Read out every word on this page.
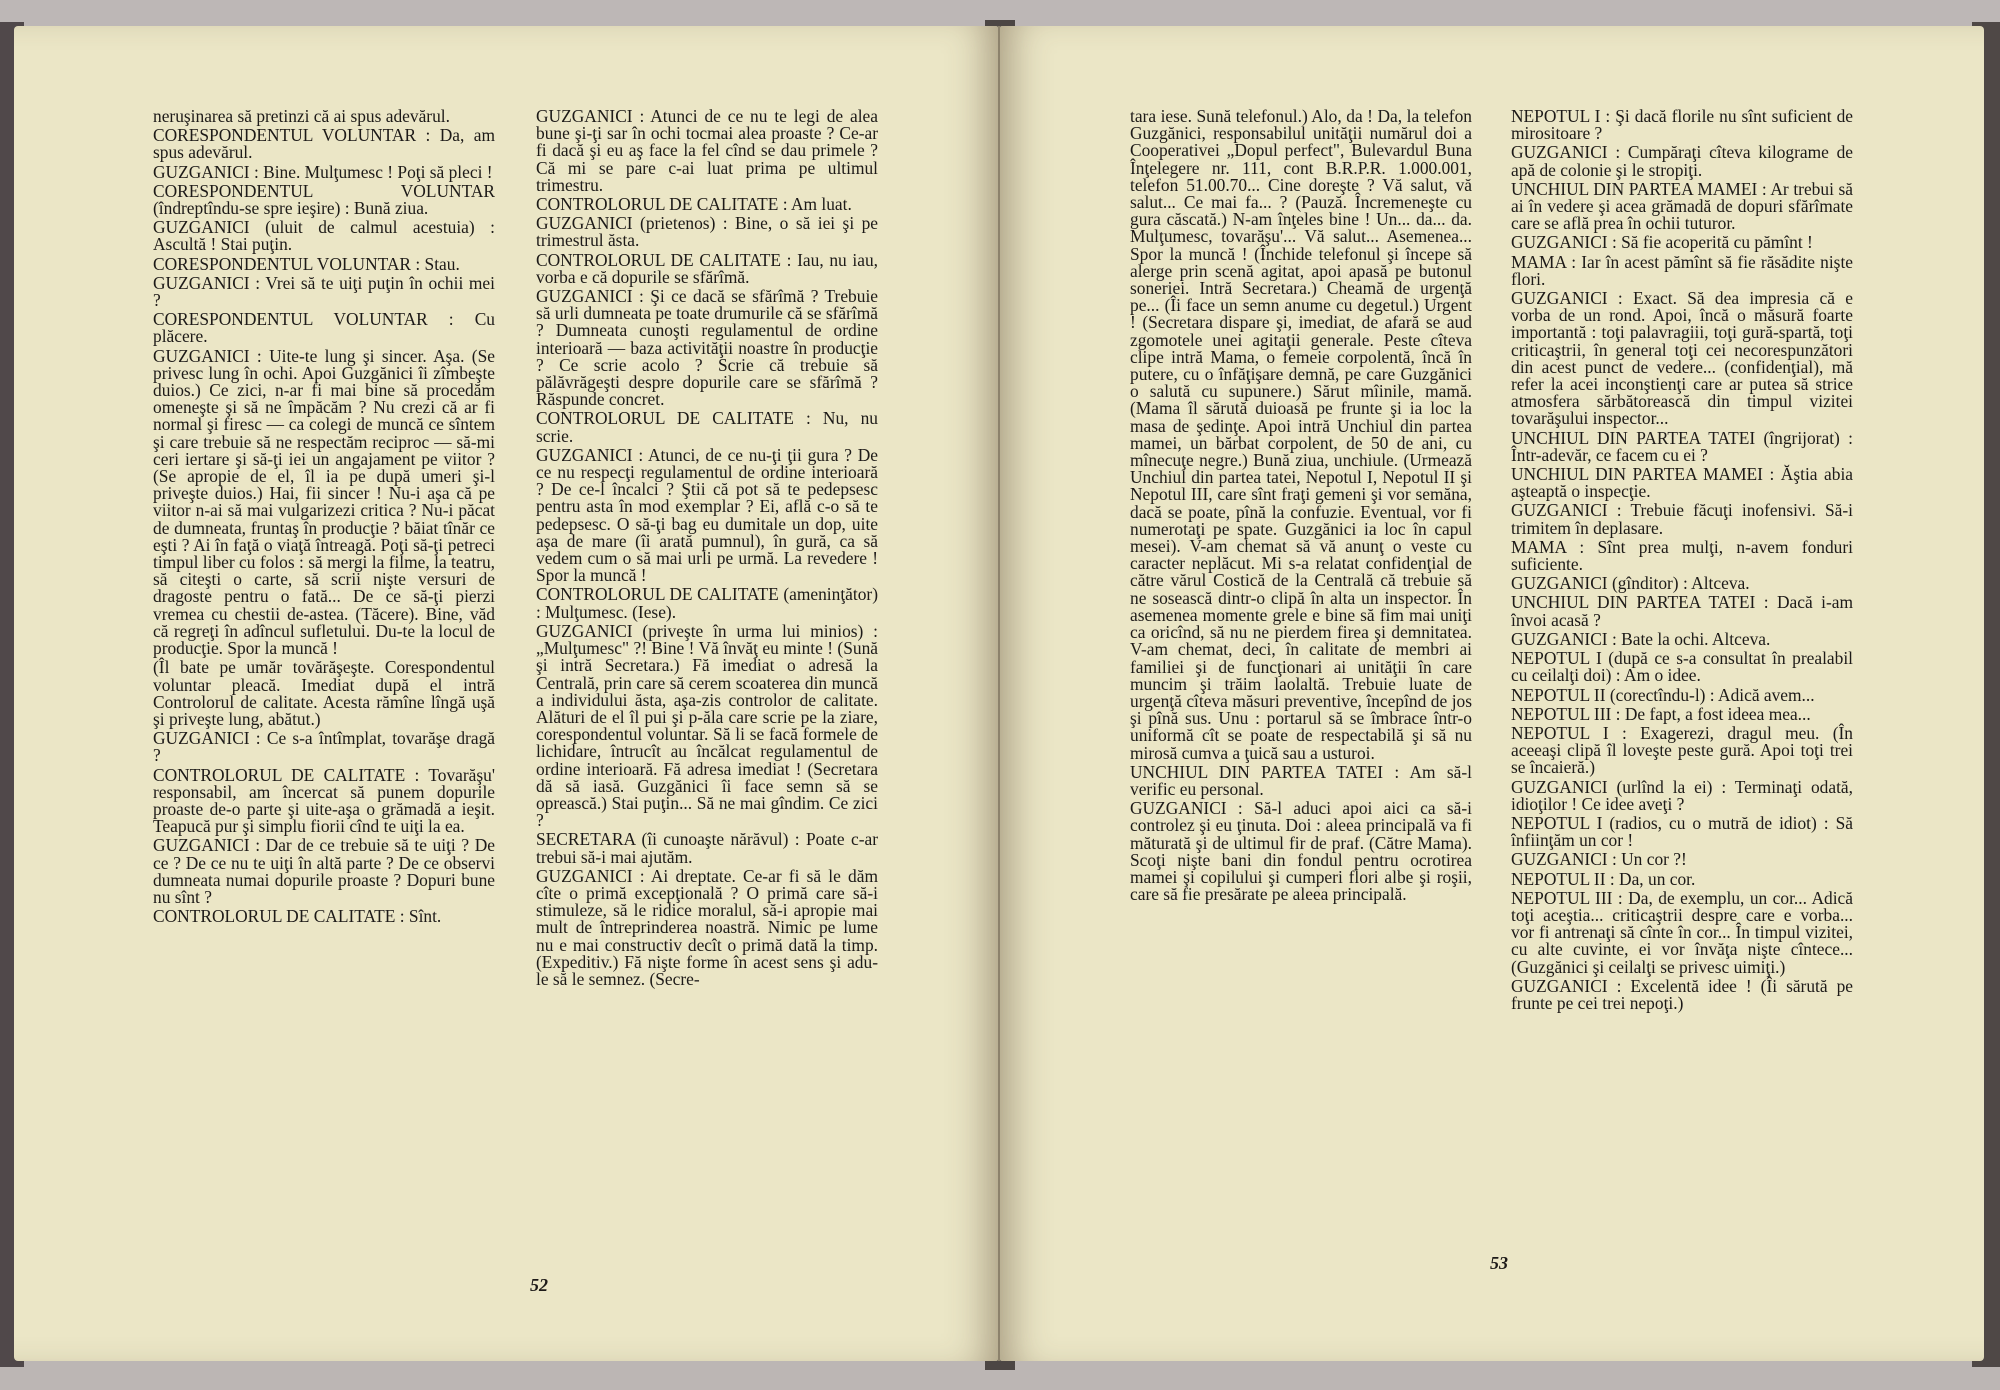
neruşinarea să pretinzi că ai spus adevărul.

CORESPONDENTUL VOLUNTAR : Da, am spus adevărul.

GUZGANICI : Bine. Mulţumesc ! Poţi să pleci !

CORESPONDENTUL VOLUNTAR (îndreptîndu-se spre ieşire) : Bună ziua.

GUZGANICI (uluit de calmul acestuia) : Ascultă ! Stai puţin.

CORESPONDENTUL VOLUNTAR : Stau.

GUZGANICI : Vrei să te uiţi puţin în ochii mei ?

CORESPONDENTUL VOLUNTAR : Cu plăcere.

GUZGANICI : Uite-te lung şi sincer. Aşa. (Se privesc lung în ochi. Apoi Guzgănici îi zîmbeşte duios.) Ce zici, n-ar fi mai bine să procedăm omeneşte şi să ne împăcăm ? Nu crezi că ar fi normal şi firesc — ca colegi de muncă ce sîntem şi care trebuie să ne respectăm reciproc — să-mi ceri iertare şi să-ţi iei un angajament pe viitor ? (Se apropie de el, îl ia pe după umeri şi-l priveşte duios.) Hai, fii sincer ! Nu-i aşa că pe viitor n-ai să mai vulgarizezi critica ? Nu-i păcat de dumneata, fruntaş în producţie ? băiat tînăr ce eşti ? Ai în faţă o viaţă întreagă. Poţi să-ţi petreci timpul liber cu folos : să mergi la filme, la teatru, să citeşti o carte, să scrii nişte versuri de dragoste pentru o fată... De ce să-ţi pierzi vremea cu chestii de-astea. (Tăcere). Bine, văd că regreţi în adîncul sufletului. Du-te la locul de producţie. Spor la muncă !

(Îl bate pe umăr tovărăşeşte. Corespondentul voluntar pleacă. Imediat după el intră Controlorul de calitate. Acesta rămîne lîngă uşă şi priveşte lung, abătut.)

GUZGANICI : Ce s-a întîmplat, tovarăşe dragă ?

CONTROLORUL DE CALITATE : Tovarăşu' responsabil, am încercat să punem dopurile proaste de-o parte şi uite-aşa o grămadă a ieşit. Teapucă pur şi simplu fiorii cînd te uiţi la ea.

GUZGANICI : Dar de ce trebuie să te uiţi ? De ce ? De ce nu te uiţi în altă parte ? De ce observi dumneata numai dopurile proaste ? Dopuri bune nu sînt ?

CONTROLORUL DE CALITATE : Sînt.

GUZGANICI : Atunci de ce nu te legi de alea bune şi-ţi sar în ochi tocmai alea proaste ? Ce-ar fi dacă şi eu aş face la fel cînd se dau primele ? Că mi se pare c-ai luat prima pe ultimul trimestru.

CONTROLORUL DE CALITATE : Am luat.

GUZGANICI (prietenos) : Bine, o să iei şi pe trimestrul ăsta.

CONTROLORUL DE CALITATE : Iau, nu iau, vorba e că dopurile se sfărîmă.

GUZGANICI : Şi ce dacă se sfărîmă ? Trebuie să urli dumneata pe toate drumurile că se sfărîmă ? Dumneata cunoşti regulamentul de ordine interioară — baza activităţii noastre în producţie ? Ce scrie acolo ? Scrie că trebuie să pălăvrăgeşti despre dopurile care se sfărîmă ? Răspunde concret.

CONTROLORUL DE CALITATE : Nu, nu scrie.

GUZGANICI : Atunci, de ce nu-ţi ţii gura ? De ce nu respecţi regulamentul de ordine interioară ? De ce-l încalci ? Ştii că pot să te pedepsesc pentru asta în mod exemplar ? Ei, află c-o să te pedepsesc. O să-ţi bag eu dumitale un dop, uite aşa de mare (îi arată pumnul), în gură, ca să vedem cum o să mai urli pe urmă. La revedere ! Spor la muncă !

CONTROLORUL DE CALITATE (ameninţător) : Mulţumesc. (Iese).

GUZGANICI (priveşte în urma lui minios) : „Mulţumesc" ?! Bine ! Vă învăţ eu minte ! (Sună şi intră Secretara.) Fă imediat o adresă la Centrală, prin care să cerem scoaterea din muncă a individului ăsta, aşa-zis controlor de calitate. Alături de el îl pui şi p-ăla care scrie pe la ziare, corespondentul voluntar. Să li se facă formele de lichidare, întrucît au încălcat regulamentul de ordine interioară. Fă adresa imediat ! (Secretara dă să iasă. Guzgănici îi face semn să se oprească.) Stai puţin... Să ne mai gîndim. Ce zici ?

SECRETARA (îi cunoaşte nărăvul) : Poate c-ar trebui să-i mai ajutăm.

GUZGANICI : Ai dreptate. Ce-ar fi să le dăm cîte o primă excepţională ? O primă care să-i stimuleze, să le ridice moralul, să-i apropie mai mult de întreprinderea noastră. Nimic pe lume nu e mai constructiv decît o primă dată la timp. (Expeditiv.) Fă nişte forme în acest sens şi adu-le să le semnez. (Secre-

52

tara iese. Sună telefonul.) Alo, da ! Da, la telefon Guzgănici, responsabilul unităţii numărul doi a Cooperativei „Dopul perfect", Bulevardul Buna Înţelegere nr. 111, cont B.R.P.R. 1.000.001, telefon 51.00.70... Cine doreşte ? Vă salut, vă salut... Ce mai fa... ? (Pauză. Încremeneşte cu gura căscată.) N-am înţeles bine ! Un... da... da. Mulţumesc, tovarăşu'... Vă salut... Asemenea... Spor la muncă ! (Închide telefonul şi începe să alerge prin scenă agitat, apoi apasă pe butonul soneriei. Intră Secretara.) Cheamă de urgenţă pe... (Îi face un semn anume cu degetul.) Urgent ! (Secretara dispare şi, imediat, de afară se aud zgomotele unei agitaţii generale. Peste cîteva clipe intră Mama, o femeie corpolentă, încă în putere, cu o înfăţişare demnă, pe care Guzgănici o salută cu supunere.) Sărut mîinile, mamă. (Mama îl sărută duioasă pe frunte şi ia loc la masa de şedinţe. Apoi intră Unchiul din partea mamei, un bărbat corpolent, de 50 de ani, cu mînecuţe negre.) Bună ziua, unchiule. (Urmează Unchiul din partea tatei, Nepotul I, Nepotul II şi Nepotul III, care sînt fraţi gemeni şi vor semăna, dacă se poate, pînă la confuzie. Eventual, vor fi numerotaţi pe spate. Guzgănici ia loc în capul mesei). V-am chemat să vă anunţ o veste cu caracter neplăcut. Mi s-a relatat confidenţial de către vărul Costică de la Centrală că trebuie să ne sosească dintr-o clipă în alta un inspector. În asemenea momente grele e bine să fim mai uniţi ca oricînd, să nu ne pierdem firea şi demnitatea. V-am chemat, deci, în calitate de membri ai familiei şi de funcţionari ai unităţii în care muncim şi trăim laolaltă. Trebuie luate de urgenţă cîteva măsuri preventive, începînd de jos şi pînă sus. Unu : portarul să se îmbrace într-o uniformă cît se poate de respectabilă şi să nu mirosă cumva a ţuică sau a usturoi.

UNCHIUL DIN PARTEA TATEI : Am să-l verific eu personal.

GUZGANICI : Să-l aduci apoi aici ca să-i controlez şi eu ţinuta. Doi : aleea principală va fi măturată şi de ultimul fir de praf. (Către Mama). Scoţi nişte bani din fondul pentru ocrotirea mamei şi copilului şi cumperi flori albe şi roşii, care să fie presărate pe aleea principală.

NEPOTUL I : Şi dacă florile nu sînt suficient de mirositoare ?

GUZGANICI : Cumpăraţi cîteva kilograme de apă de colonie şi le stropiţi.

UNCHIUL DIN PARTEA MAMEI : Ar trebui să ai în vedere şi acea grămadă de dopuri sfărîmate care se află prea în ochii tuturor.

GUZGANICI : Să fie acoperită cu pămînt !

MAMA : Iar în acest pămînt să fie răsădite nişte flori.

GUZGANICI : Exact. Să dea impresia că e vorba de un rond. Apoi, încă o măsură foarte importantă : toţi palavragiii, toţi gură-spartă, toţi criticaştrii, în general toţi cei necorespunzători din acest punct de vedere... (confidenţial), mă refer la acei inconştienţi care ar putea să strice atmosfera sărbătorească din timpul vizitei tovarăşului inspector...

UNCHIUL DIN PARTEA TATEI (îngrijorat) : Într-adevăr, ce facem cu ei ?

UNCHIUL DIN PARTEA MAMEI : Ăştia abia aşteaptă o inspecţie.

GUZGANICI : Trebuie făcuţi inofensivi. Să-i trimitem în deplasare.

MAMA : Sînt prea mulţi, n-avem fonduri suficiente.

GUZGANICI (gînditor) : Altceva.

UNCHIUL DIN PARTEA TATEI : Dacă i-am învoi acasă ?

GUZGANICI : Bate la ochi. Altceva.

NEPOTUL I (după ce s-a consultat în prealabil cu ceilalţi doi) : Am o idee.

NEPOTUL II (corectîndu-l) : Adică avem...

NEPOTUL III : De fapt, a fost ideea mea...

NEPOTUL I : Exagerezi, dragul meu. (În aceeaşi clipă îl loveşte peste gură. Apoi toţi trei se încaieră.)

GUZGANICI (urlînd la ei) : Terminaţi odată, idioţilor ! Ce idee aveţi ?

NEPOTUL I (radios, cu o mutră de idiot) : Să înfiinţăm un cor !

GUZGANICI : Un cor ?!

NEPOTUL II : Da, un cor.

NEPOTUL III : Da, de exemplu, un cor... Adică toţi aceştia... criticaştrii despre care e vorba... vor fi antrenaţi să cînte în cor... În timpul vizitei, cu alte cuvinte, ei vor învăţa nişte cîntece... (Guzgănici şi ceilalţi se privesc uimiţi.)

GUZGANICI : Excelentă idee ! (Îi sărută pe frunte pe cei trei nepoţi.)

53
